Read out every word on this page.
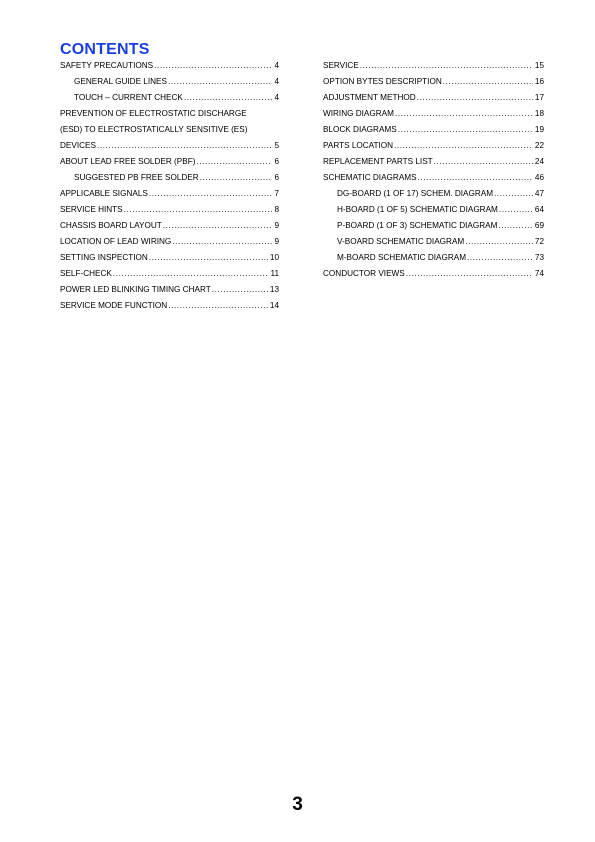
CONTENTS
SAFETY PRECAUTIONS .....	4
GENERAL GUIDE LINES .....	4
TOUCH – CURRENT CHECK .....	4
PREVENTION OF ELECTROSTATIC DISCHARGE
(ESD) TO ELECTROSTATICALLY SENSITIVE (ES)
DEVICES .....	5
ABOUT LEAD FREE SOLDER (PBF) .....	6
SUGGESTED PB FREE SOLDER .....	6
APPLICABLE SIGNALS .....	7
SERVICE HINTS .....	8
CHASSIS BOARD LAYOUT .....	9
LOCATION OF LEAD WIRING .....	9
SETTING INSPECTION .....	10
SELF-CHECK .....	11
POWER LED BLINKING TIMING CHART .....	13
SERVICE MODE FUNCTION .....	14
SERVICE .....	15
OPTION BYTES DESCRIPTION .....	16
ADJUSTMENT METHOD .....	17
WIRING DIAGRAM .....	18
BLOCK DIAGRAMS .....	19
PARTS LOCATION .....	22
REPLACEMENT PARTS LIST .....	24
SCHEMATIC DIAGRAMS .....	46
DG-BOARD (1 OF 17) SCHEM. DIAGRAM .....	47
H-BOARD (1 OF 5) SCHEMATIC DIAGRAM .....	64
P-BOARD (1 OF 3) SCHEMATIC DIAGRAM .....	69
V-BOARD SCHEMATIC DIAGRAM .....	72
M-BOARD SCHEMATIC DIAGRAM .....	73
CONDUCTOR VIEWS .....	74
3
